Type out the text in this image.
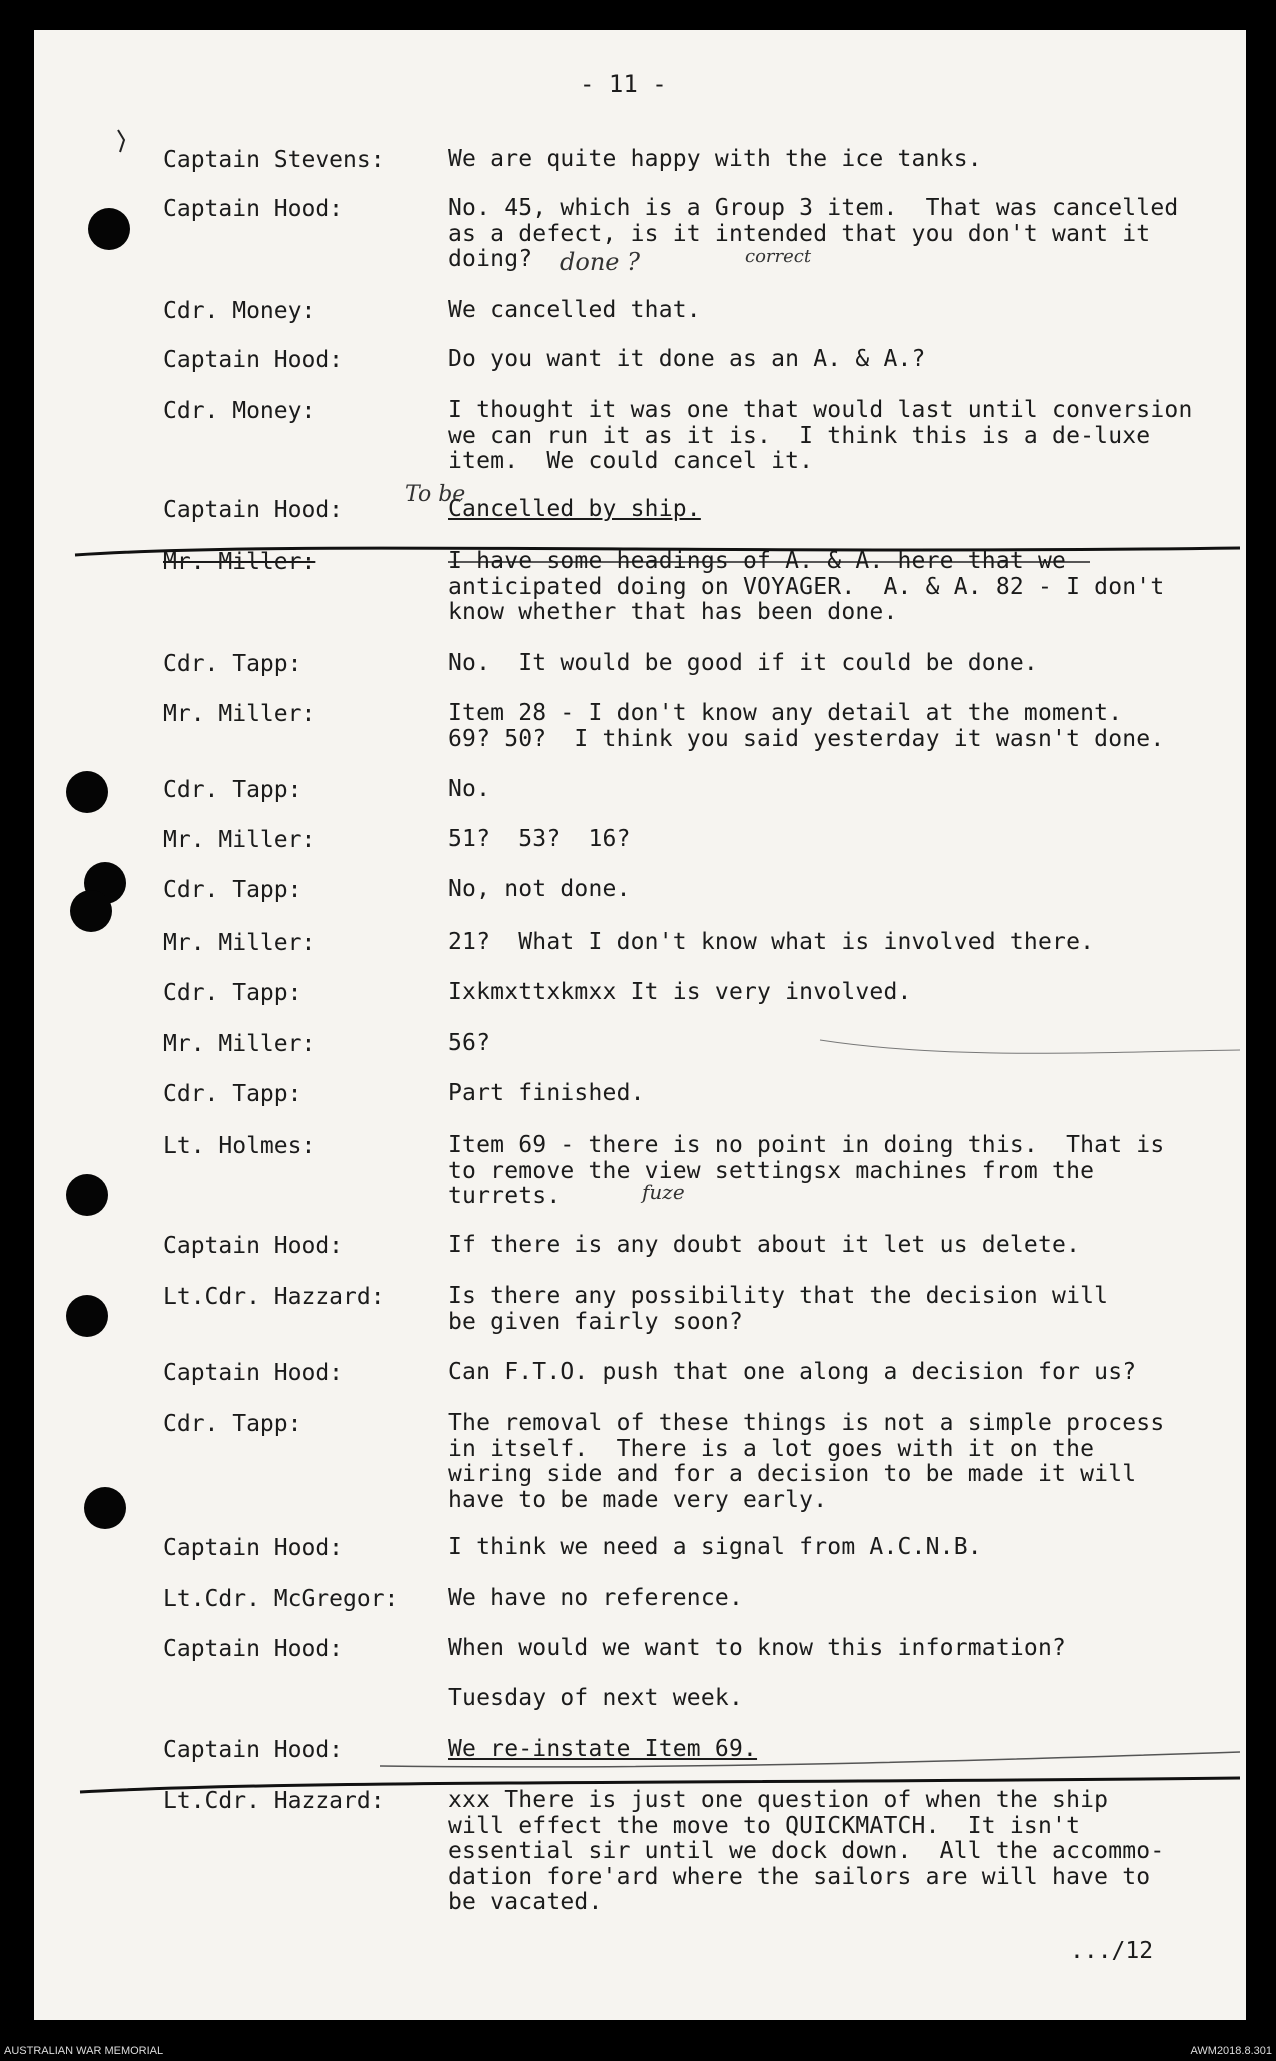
- 11 -
Captain Stevens:	We are quite happy with the ice tanks.
Captain Hood:	No. 45, which is a Group 3 item.  That was cancelled
as a defect, is it intended that you don't want it
doing?
Cdr. Money:	We cancelled that.
Captain Hood:	Do you want it done as an A. & A.?
Cdr. Money:	I thought it was one that would last until conversion
we can run it as it is.  I think this is a de-luxe
item.  We could cancel it.
Captain Hood:	Cancelled by ship.
Mr. Miller:	I have some headings of A. & A. here that we
anticipated doing on VOYAGER.  A. & A. 82 - I don't
know whether that has been done.
Cdr. Tapp:	No.  It would be good if it could be done.
Mr. Miller:	Item 28 - I don't know any detail at the moment.
69? 50?  I think you said yesterday it wasn't done.
Cdr. Tapp:	No.
Mr. Miller:	51?  53?  16?
Cdr. Tapp:	No, not done.
Mr. Miller:	21?  What I don't know what is involved there.
Cdr. Tapp:	Ixkmxttxkmxx It is very involved.
Mr. Miller:	56?
Cdr. Tapp:	Part finished.
Lt. Holmes:	Item 69 - there is no point in doing this.  That is
to remove the view settingsx machines from the
turrets.
Captain Hood:	If there is any doubt about it let us delete.
Lt.Cdr. Hazzard:	Is there any possibility that the decision will
be given fairly soon?
Captain Hood:	Can F.T.O. push that one along a decision for us?
Cdr. Tapp:	The removal of these things is not a simple process
in itself.  There is a lot goes with it on the
wiring side and for a decision to be made it will
have to be made very early.
Captain Hood:	I think we need a signal from A.C.N.B.
Lt.Cdr. McGregor: We have no reference.
Captain Hood:	When would we want to know this information?
Tuesday of next week.
Captain Hood:	We re-instate Item 69.
Lt.Cdr. Hazzard:	xxx There is just one question of when the ship
will effect the move to QUICKMATCH.  It isn't
essential sir until we dock down.  All the accommo-
dation fore'ard where the sailors are will have to
be vacated.
done ?	correct
To be
fuze
.../12
AUSTRALIAN WAR MEMORIAL	AWM2018.8.301
